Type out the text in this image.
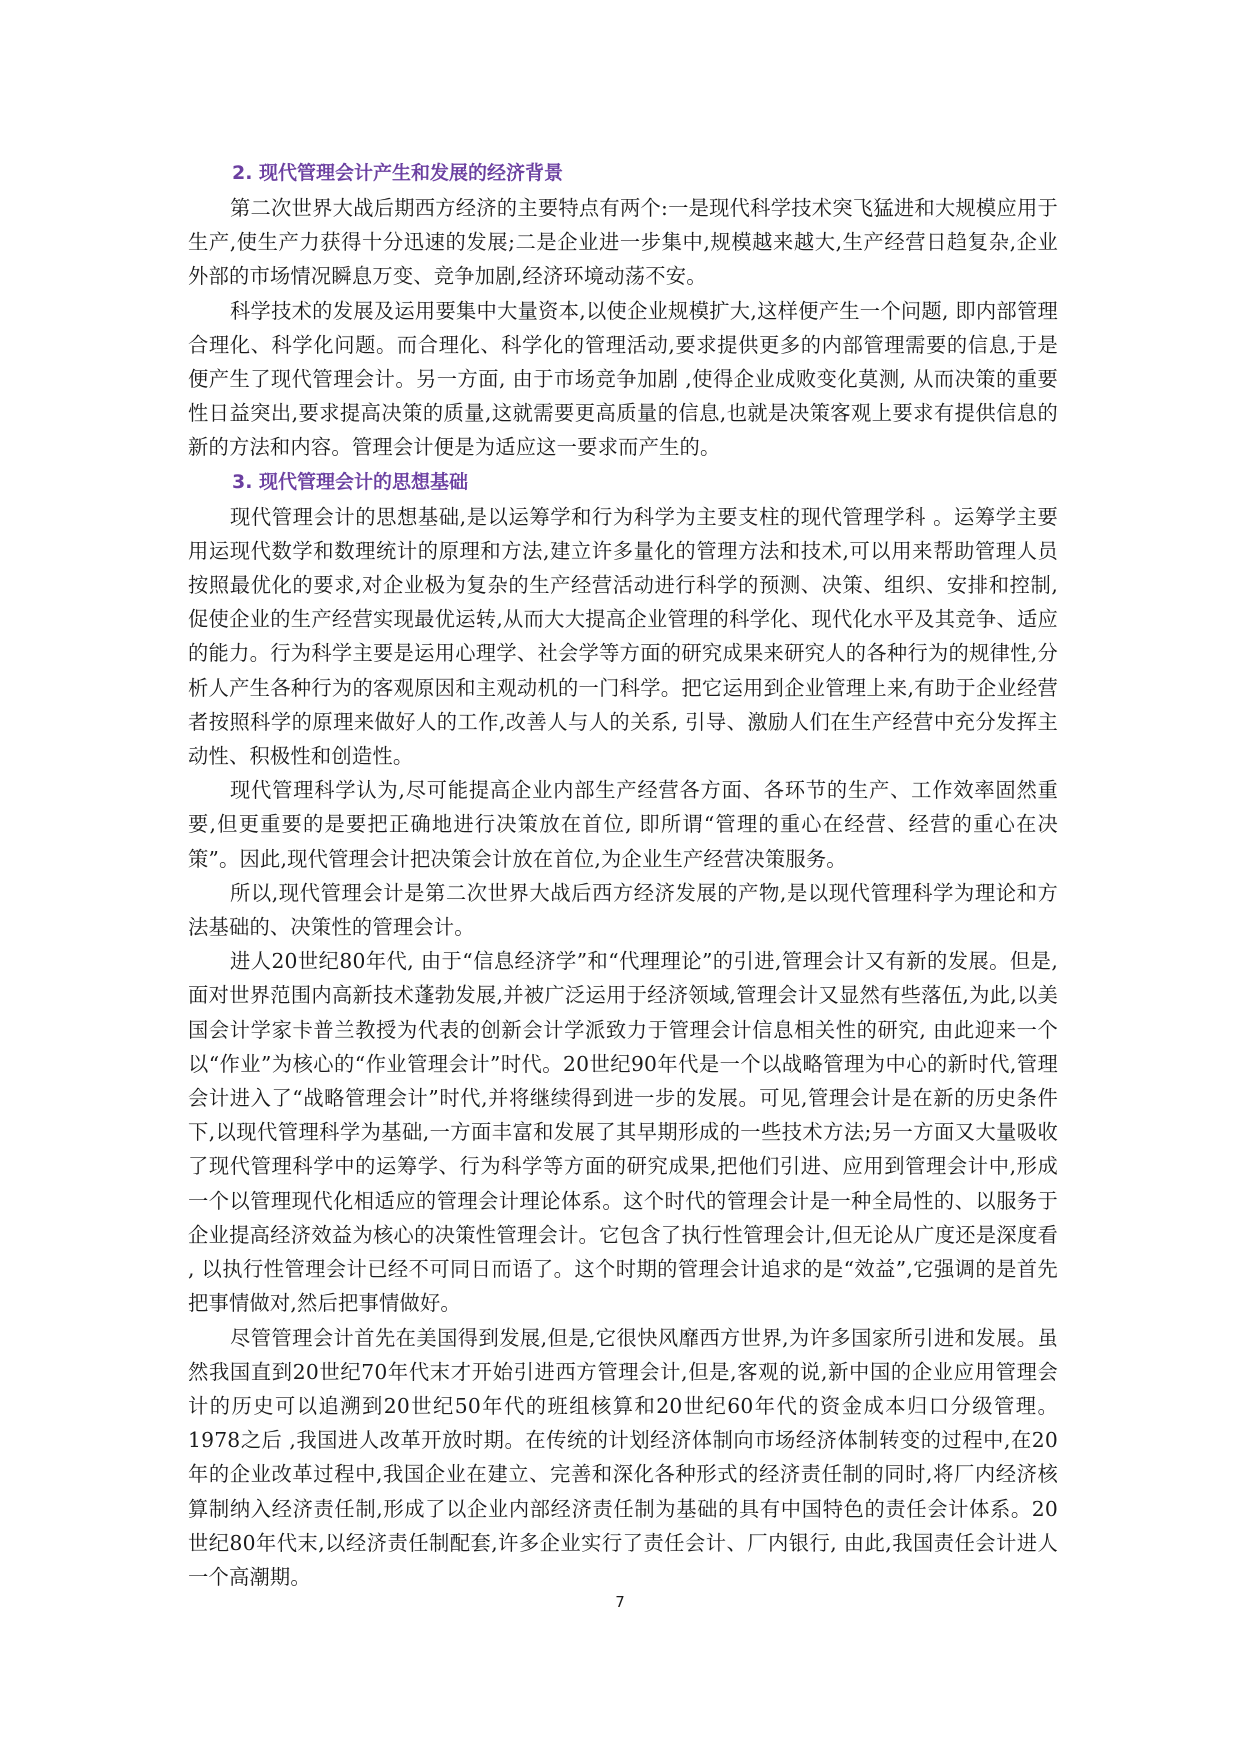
2. 现代管理会计产生和发展的经济背景

第二次世界大战后期西方经济的主要特点有两个:一是现代科学技术突飞猛进和大规模应用于生产,使生产力获得十分迅速的发展;二是企业进一步集中,规模越来越大,生产经营日趋复杂,企业外部的市场情况瞬息万变、竞争加剧,经济环境动荡不安。

科学技术的发展及运用要集中大量资本,以使企业规模扩大,这样便产生一个问题, 即内部管理合理化、科学化问题。而合理化、科学化的管理活动,要求提供更多的内部管理需要的信息,于是便产生了现代管理会计。另一方面, 由于市场竞争加剧 ,使得企业成败变化莫测, 从而决策的重要性日益突出,要求提高决策的质量,这就需要更高质量的信息,也就是决策客观上要求有提供信息的新的方法和内容。管理会计便是为适应这一要求而产生的。

3. 现代管理会计的思想基础

现代管理会计的思想基础,是以运筹学和行为科学为主要支柱的现代管理学科 。运筹学主要用运现代数学和数理统计的原理和方法,建立许多量化的管理方法和技术,可以用来帮助管理人员按照最优化的要求,对企业极为复杂的生产经营活动进行科学的预测、决策、组织、安排和控制,促使企业的生产经营实现最优运转,从而大大提高企业管理的科学化、现代化水平及其竞争、适应的能力。行为科学主要是运用心理学、社会学等方面的研究成果来研究人的各种行为的规律性,分析人产生各种行为的客观原因和主观动机的一门科学。把它运用到企业管理上来,有助于企业经营者按照科学的原理来做好人的工作,改善人与人的关系, 引导、激励人们在生产经营中充分发挥主动性、积极性和创造性。

现代管理科学认为,尽可能提高企业内部生产经营各方面、各环节的生产、工作效率固然重要,但更重要的是要把正确地进行决策放在首位, 即所谓“管理的重心在经营、经营的重心在决策”。因此,现代管理会计把决策会计放在首位,为企业生产经营决策服务。

所以,现代管理会计是第二次世界大战后西方经济发展的产物,是以现代管理科学为理论和方法基础的、决策性的管理会计。

进人20世纪80年代, 由于“信息经济学”和“代理理论”的引进,管理会计又有新的发展。但是,面对世界范围内高新技术蓬勃发展,并被广泛运用于经济领域,管理会计又显然有些落伍,为此,以美国会计学家卡普兰教授为代表的创新会计学派致力于管理会计信息相关性的研究, 由此迎来一个以“作业”为核心的“作业管理会计”时代。20世纪90年代是一个以战略管理为中心的新时代,管理会计进入了“战略管理会计”时代,并将继续得到进一步的发展。可见,管理会计是在新的历史条件下,以现代管理科学为基础,一方面丰富和发展了其早期形成的一些技术方法;另一方面又大量吸收了现代管理科学中的运筹学、行为科学等方面的研究成果,把他们引进、应用到管理会计中,形成一个以管理现代化相适应的管理会计理论体系。这个时代的管理会计是一种全局性的、以服务于企业提高经济效益为核心的决策性管理会计。它包含了执行性管理会计,但无论从广度还是深度看 , 以执行性管理会计已经不可同日而语了。这个时期的管理会计追求的是“效益”,它强调的是首先把事情做对,然后把事情做好。

尽管管理会计首先在美国得到发展,但是,它很快风靡西方世界,为许多国家所引进和发展。虽然我国直到20世纪70年代末才开始引进西方管理会计,但是,客观的说,新中国的企业应用管理会计的历史可以追溯到20世纪50年代的班组核算和20世纪60年代的资金成本归口分级管理。1978之后 ,我国进人改革开放时期。在传统的计划经济体制向市场经济体制转变的过程中,在20年的企业改革过程中,我国企业在建立、完善和深化各种形式的经济责任制的同时,将厂内经济核算制纳入经济责任制,形成了以企业内部经济责任制为基础的具有中国特色的责任会计体系。20世纪80年代末,以经济责任制配套,许多企业实行了责任会计、厂内银行, 由此,我国责任会计进人一个高潮期。

7
